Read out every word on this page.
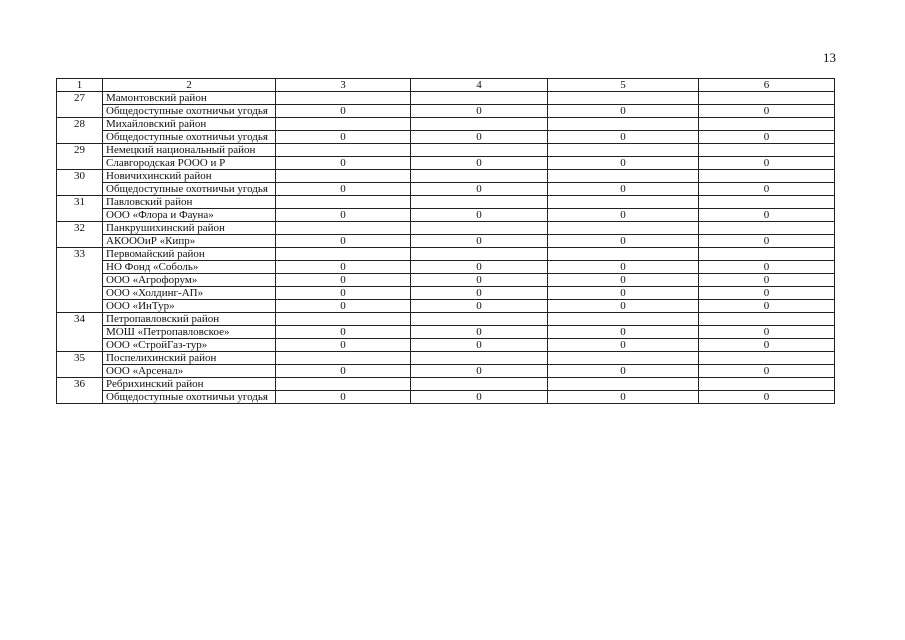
13
1	2	3	4	5	6
27	Мамонтовский район				
	Общедоступные охотничьи угодья	0	0	0	0
28	Михайловский район				
	Общедоступные охотничьи угодья	0	0	0	0
29	Немецкий национальный район				
	Славгородская РООО и Р	0	0	0	0
30	Новичихинский район				
	Общедоступные охотничьи угодья	0	0	0	0
31	Павловский район				
	ООО «Флора и Фауна»	0	0	0	0
32	Панкрушихинский район				
	АКОООиР «Кипр»	0	0	0	0
33	Первомайский район				
	НО Фонд «Соболь»	0	0	0	0
	ООО «Агрофорум»	0	0	0	0
	ООО «Холдинг-АП»	0	0	0	0
	ООО «ИнТур»	0	0	0	0
34	Петропавловский район				
	МОШ «Петропавловское»	0	0	0	0
	ООО «СтройГаз-тур»	0	0	0	0
35	Поспелихинский район				
	ООО «Арсенал»	0	0	0	0
36	Ребрихинский район				
	Общедоступные охотничьи угодья	0	0	0	0
